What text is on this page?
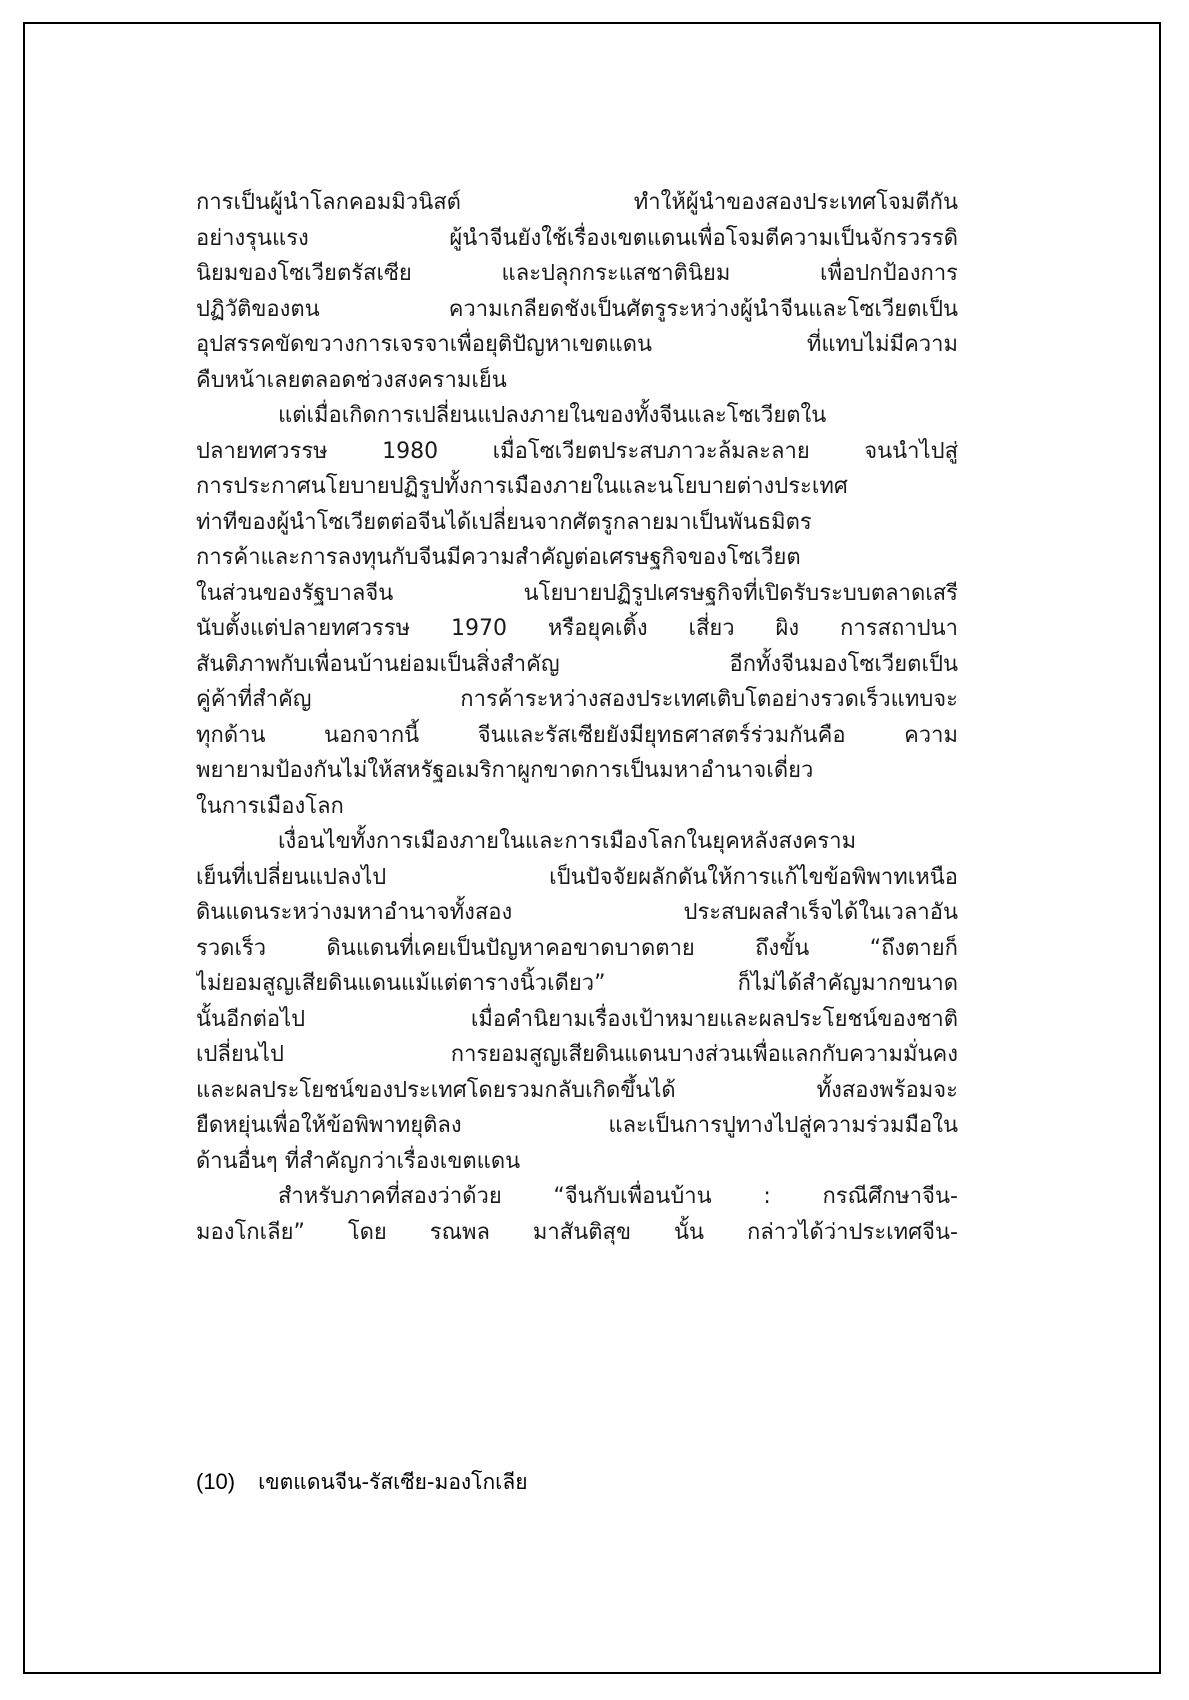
การเป็นผู้นำโลกคอมมิวนิสต์ ทำให้ผู้นำของสองประเทศโจมตีกัน
อย่างรุนแรง ผู้นำจีนยังใช้เรื่องเขตแดนเพื่อโจมตีความเป็นจักรวรรดิ
นิยมของโซเวียตรัสเซีย และปลุกกระแสชาตินิยม เพื่อปกป้องการ
ปฏิวัติของตน ความเกลียดชังเป็นศัตรูระหว่างผู้นำจีนและโซเวียตเป็น
อุปสรรคขัดขวางการเจรจาเพื่อยุติปัญหาเขตแดน ที่แทบไม่มีความ
คืบหน้าเลยตลอดช่วงสงครามเย็น
แต่เมื่อเกิดการเปลี่ยนแปลงภายในของทั้งจีนและโซเวียตใน
ปลายทศวรรษ 1980 เมื่อโซเวียตประสบภาวะล้มละลาย จนนำไปสู่
การประกาศนโยบายปฏิรูปทั้งการเมืองภายในและนโยบายต่างประเทศ
ท่าทีของผู้นำโซเวียตต่อจีนได้เปลี่ยนจากศัตรูกลายมาเป็นพันธมิตร
การค้าและการลงทุนกับจีนมีความสำคัญต่อเศรษฐกิจของโซเวียต
ในส่วนของรัฐบาลจีน นโยบายปฏิรูปเศรษฐกิจที่เปิดรับระบบตลาดเสรี
นับตั้งแต่ปลายทศวรรษ 1970 หรือยุคเติ้ง เสี่ยว ผิง การสถาปนา
สันติภาพกับเพื่อนบ้านย่อมเป็นสิ่งสำคัญ อีกทั้งจีนมองโซเวียตเป็น
คู่ค้าที่สำคัญ การค้าระหว่างสองประเทศเติบโตอย่างรวดเร็วแทบจะ
ทุกด้าน นอกจากนี้ จีนและรัสเซียยังมียุทธศาสตร์ร่วมกันคือ ความ
พยายามป้องกันไม่ให้สหรัฐอเมริกาผูกขาดการเป็นมหาอำนาจเดี่ยว
ในการเมืองโลก
เงื่อนไขทั้งการเมืองภายในและการเมืองโลกในยุคหลังสงคราม
เย็นที่เปลี่ยนแปลงไป เป็นปัจจัยผลักดันให้การแก้ไขข้อพิพาทเหนือ
ดินแดนระหว่างมหาอำนาจทั้งสอง ประสบผลสำเร็จได้ในเวลาอัน
รวดเร็ว ดินแดนที่เคยเป็นปัญหาคอขาดบาดตาย ถึงขั้น “ถึงตายก็
ไม่ยอมสูญเสียดินแดนแม้แต่ตารางนิ้วเดียว” ก็ไม่ได้สำคัญมากขนาด
นั้นอีกต่อไป เมื่อคำนิยามเรื่องเป้าหมายและผลประโยชน์ของชาติ
เปลี่ยนไป การยอมสูญเสียดินแดนบางส่วนเพื่อแลกกับความมั่นคง
และผลประโยชน์ของประเทศโดยรวมกลับเกิดขึ้นได้ ทั้งสองพร้อมจะ
ยืดหยุ่นเพื่อให้ข้อพิพาทยุติลง และเป็นการปูทางไปสู่ความร่วมมือใน
ด้านอื่นๆ ที่สำคัญกว่าเรื่องเขตแดน
สำหรับภาคที่สองว่าด้วย “จีนกับเพื่อนบ้าน : กรณีศึกษาจีน-
มองโกเลีย” โดย รณพล มาสันติสุข นั้น กล่าวได้ว่าประเทศจีน-
(10) เขตแดนจีน-รัสเซีย-มองโกเลีย
